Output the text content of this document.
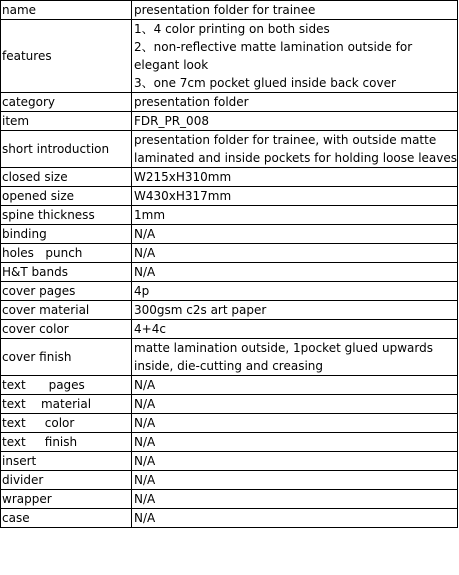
name	presentation folder for trainee

features	1、4 color printing on both sides
2、non-reflective matte lamination outside for elegant look
3、one 7cm pocket glued inside back cover

category	presentation folder

item	FDR_PR_008

short introduction	presentation folder for trainee, with outside matte laminated and inside pockets for holding loose leaves

closed size	W215xH310mm

opened size	W430xH317mm

spine thickness	1mm

binding	N/A

holes   punch	N/A

H&T bands	N/A

cover pages	4p

cover material	300gsm c2s art paper

cover color	4+4c

cover finish	matte lamination outside, 1pocket glued upwards inside, die-cutting and creasing

text      pages	N/A

text    material	N/A

text     color	N/A

text     finish	N/A

insert	N/A

divider	N/A

wrapper	N/A

case	N/A
